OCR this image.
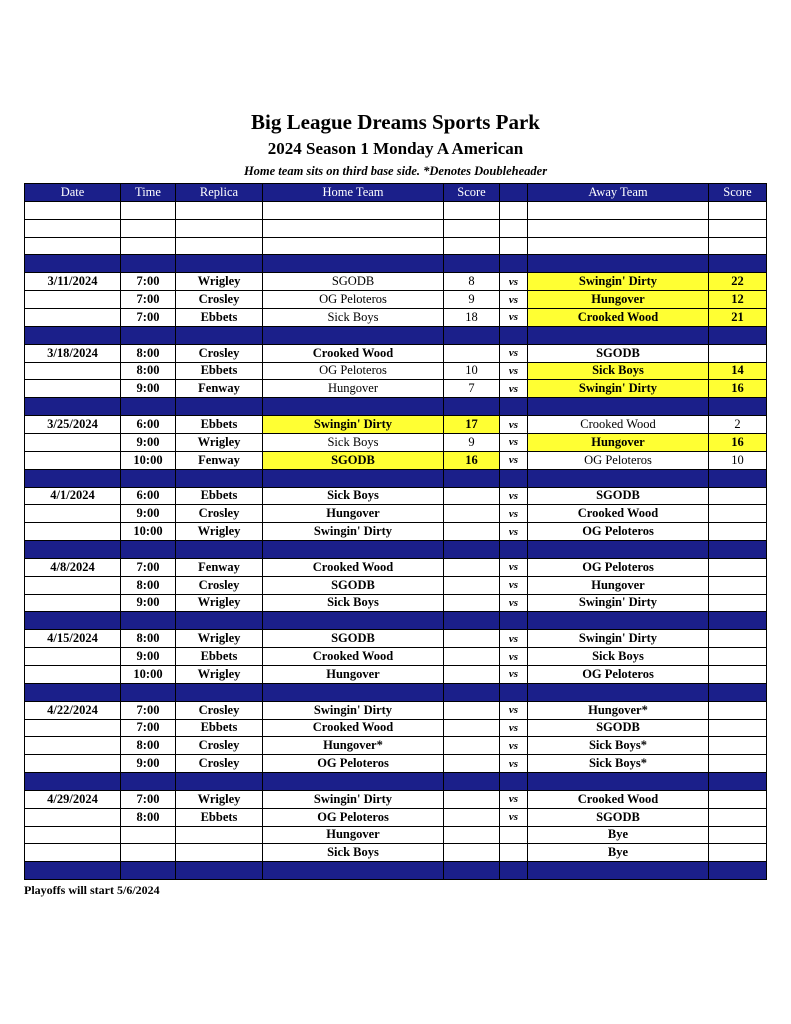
Big League Dreams Sports Park
2024 Season 1 Monday A American
Home team sits on third base side. *Denotes Doubleheader
Date	Time	Replica	Home Team	Score		Away Team	Score

3/11/2024	7:00	Wrigley	SGODB	8	vs	Swingin' Dirty	22
	7:00	Crosley	OG Peloteros	9	vs	Hungover	12
	7:00	Ebbets	Sick Boys	18	vs	Crooked Wood	21

3/18/2024	8:00	Crosley	Crooked Wood		vs	SGODB	
	8:00	Ebbets	OG Peloteros	10	vs	Sick Boys	14
	9:00	Fenway	Hungover	7	vs	Swingin' Dirty	16

3/25/2024	6:00	Ebbets	Swingin' Dirty	17	vs	Crooked Wood	2
	9:00	Wrigley	Sick Boys	9	vs	Hungover	16
	10:00	Fenway	SGODB	16	vs	OG Peloteros	10

4/1/2024	6:00	Ebbets	Sick Boys		vs	SGODB	
	9:00	Crosley	Hungover		vs	Crooked Wood	
	10:00	Wrigley	Swingin' Dirty		vs	OG Peloteros	

4/8/2024	7:00	Fenway	Crooked Wood		vs	OG Peloteros	
	8:00	Crosley	SGODB		vs	Hungover	
	9:00	Wrigley	Sick Boys		vs	Swingin' Dirty	

4/15/2024	8:00	Wrigley	SGODB		vs	Swingin' Dirty	
	9:00	Ebbets	Crooked Wood		vs	Sick Boys	
	10:00	Wrigley	Hungover		vs	OG Peloteros	

4/22/2024	7:00	Crosley	Swingin' Dirty		vs	Hungover*	
	7:00	Ebbets	Crooked Wood		vs	SGODB	
	8:00	Crosley	Hungover*		vs	Sick Boys*	
	9:00	Crosley	OG Peloteros		vs	Sick Boys*	

4/29/2024	7:00	Wrigley	Swingin' Dirty		vs	Crooked Wood	
	8:00	Ebbets	OG Peloteros		vs	SGODB	
			Hungover			Bye	
			Sick Boys			Bye	

Playoffs will start 5/6/2024
